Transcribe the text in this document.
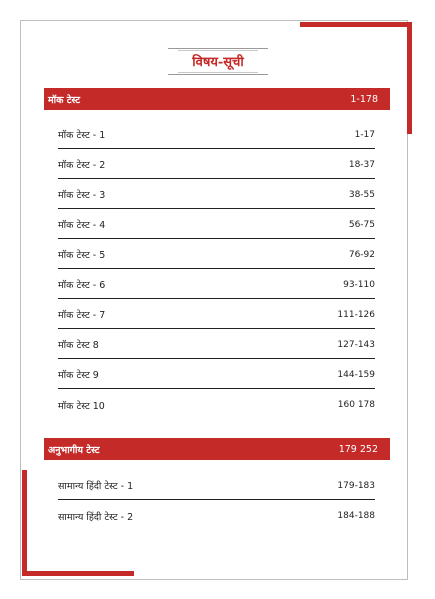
विषय-सूची
मॉक टेस्ट	1-178
मॉक टेस्ट - 1	1-17
मॉक टेस्ट - 2	18-37
मॉक टेस्ट - 3	38-55
मॉक टेस्ट - 4	56-75
मॉक टेस्ट - 5	76-92
मॉक टेस्ट - 6	93-110
मॉक टेस्ट - 7	111-126
मॉक टेस्ट 8	127-143
मॉक टेस्ट 9	144-159
मॉक टेस्ट 10	160 178
अनुभागीय टेस्ट	179 252
सामान्य हिंदी टेस्ट - 1	179-183
सामान्य हिंदी टेस्ट - 2	184-188
